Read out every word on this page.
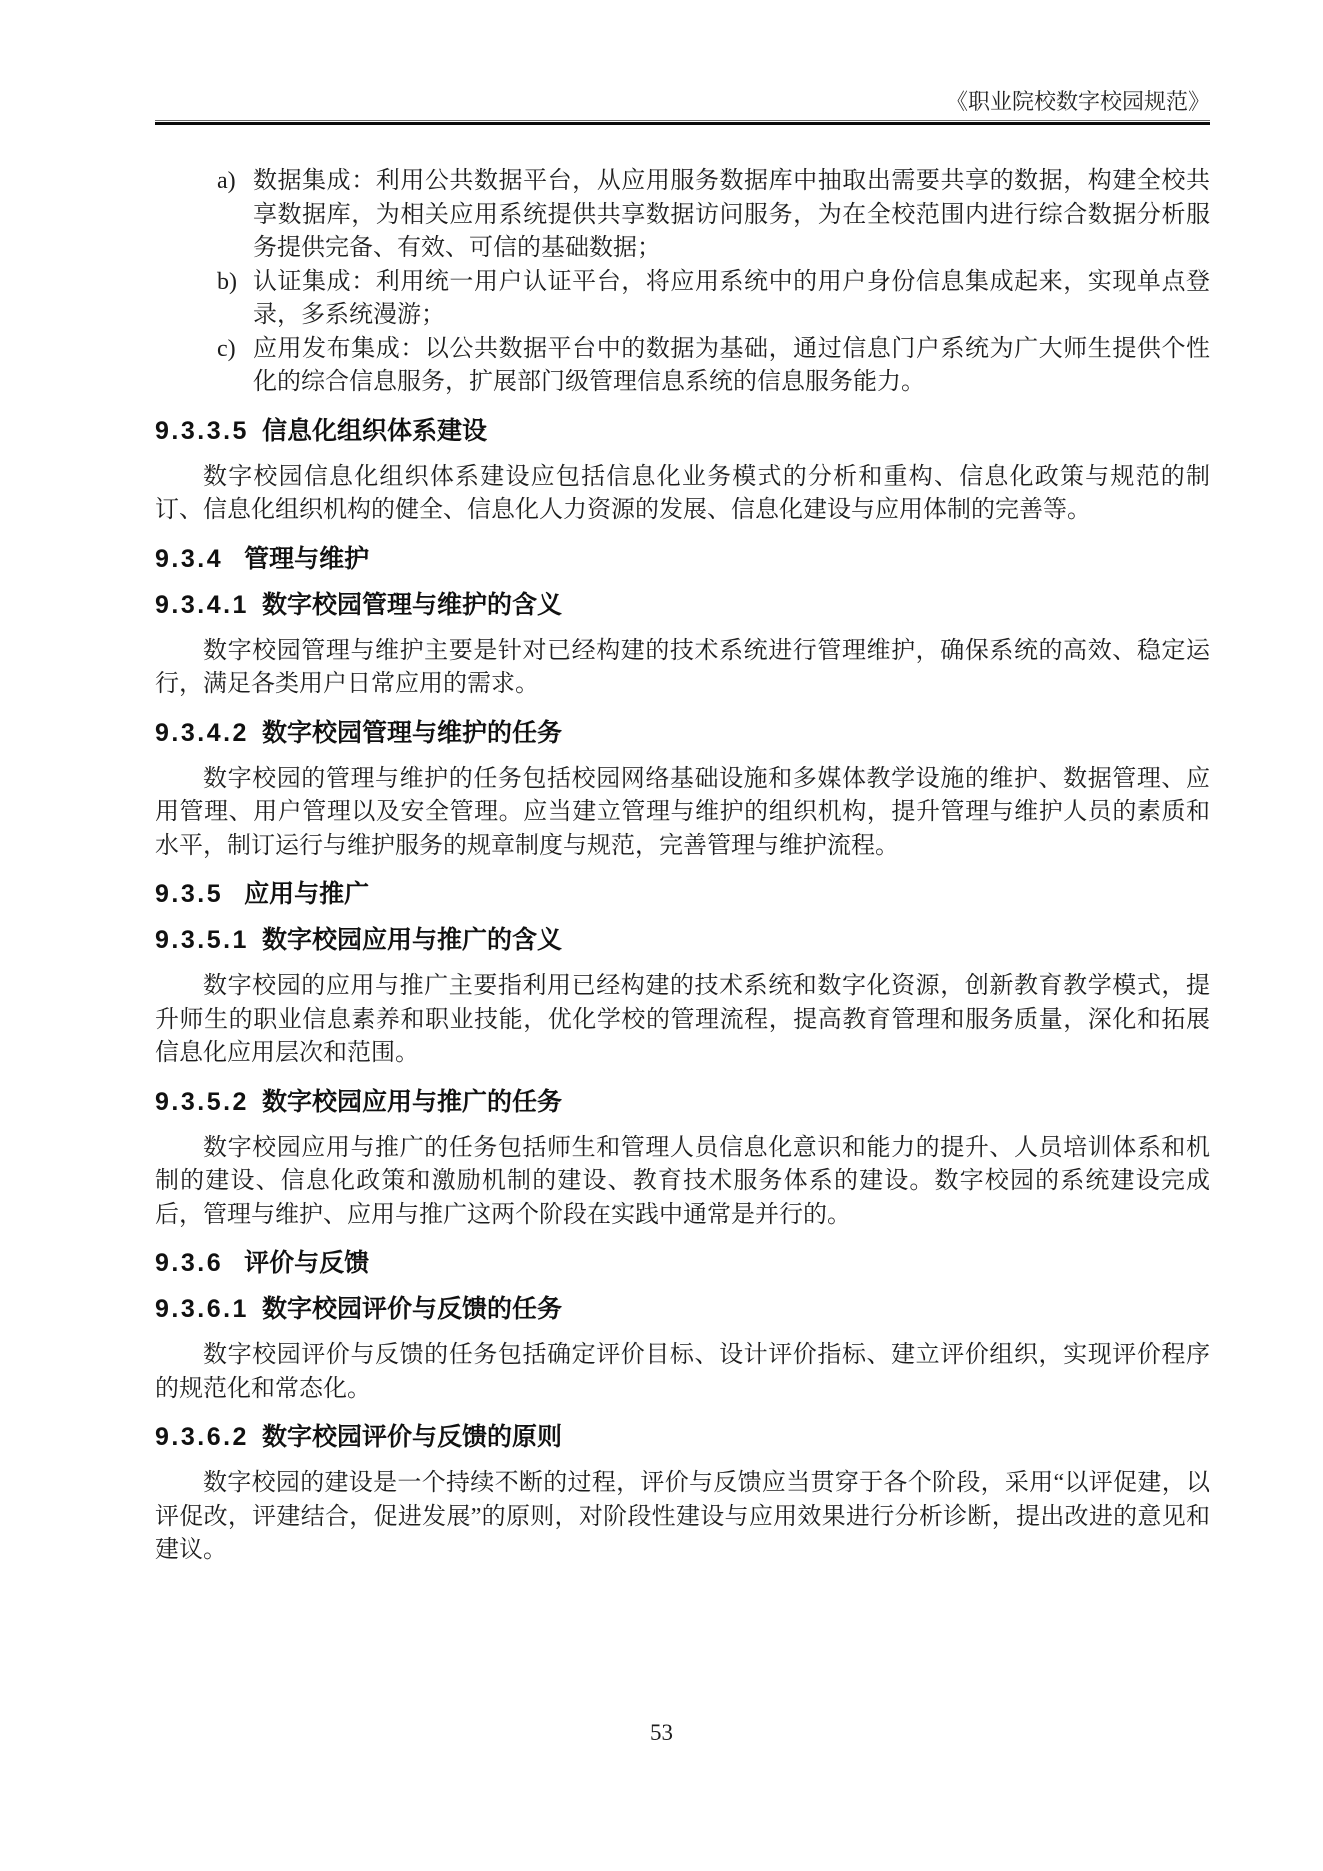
《职业院校数字校园规范》
a) 数据集成：利用公共数据平台，从应用服务数据库中抽取出需要共享的数据，构建全校共享数据库，为相关应用系统提供共享数据访问服务，为在全校范围内进行综合数据分析服务提供完备、有效、可信的基础数据；
b) 认证集成：利用统一用户认证平台，将应用系统中的用户身份信息集成起来，实现单点登录，多系统漫游；
c) 应用发布集成：以公共数据平台中的数据为基础，通过信息门户系统为广大师生提供个性化的综合信息服务，扩展部门级管理信息系统的信息服务能力。
9.3.3.5 信息化组织体系建设

数字校园信息化组织体系建设应包括信息化业务模式的分析和重构、信息化政策与规范的制订、信息化组织机构的健全、信息化人力资源的发展、信息化建设与应用体制的完善等。

9.3.4 管理与维护
9.3.4.1 数字校园管理与维护的含义

数字校园管理与维护主要是针对已经构建的技术系统进行管理维护，确保系统的高效、稳定运行，满足各类用户日常应用的需求。

9.3.4.2 数字校园管理与维护的任务

数字校园的管理与维护的任务包括校园网络基础设施和多媒体教学设施的维护、数据管理、应用管理、用户管理以及安全管理。应当建立管理与维护的组织机构，提升管理与维护人员的素质和水平，制订运行与维护服务的规章制度与规范，完善管理与维护流程。

9.3.5 应用与推广
9.3.5.1 数字校园应用与推广的含义

数字校园的应用与推广主要指利用已经构建的技术系统和数字化资源，创新教育教学模式，提升师生的职业信息素养和职业技能，优化学校的管理流程，提高教育管理和服务质量，深化和拓展信息化应用层次和范围。

9.3.5.2 数字校园应用与推广的任务

数字校园应用与推广的任务包括师生和管理人员信息化意识和能力的提升、人员培训体系和机制的建设、信息化政策和激励机制的建设、教育技术服务体系的建设。数字校园的系统建设完成后，管理与维护、应用与推广这两个阶段在实践中通常是并行的。

9.3.6 评价与反馈
9.3.6.1 数字校园评价与反馈的任务

数字校园评价与反馈的任务包括确定评价目标、设计评价指标、建立评价组织，实现评价程序的规范化和常态化。

9.3.6.2 数字校园评价与反馈的原则

数字校园的建设是一个持续不断的过程，评价与反馈应当贯穿于各个阶段，采用“以评促建，以评促改，评建结合，促进发展”的原则，对阶段性建设与应用效果进行分析诊断，提出改进的意见和建议。

53
